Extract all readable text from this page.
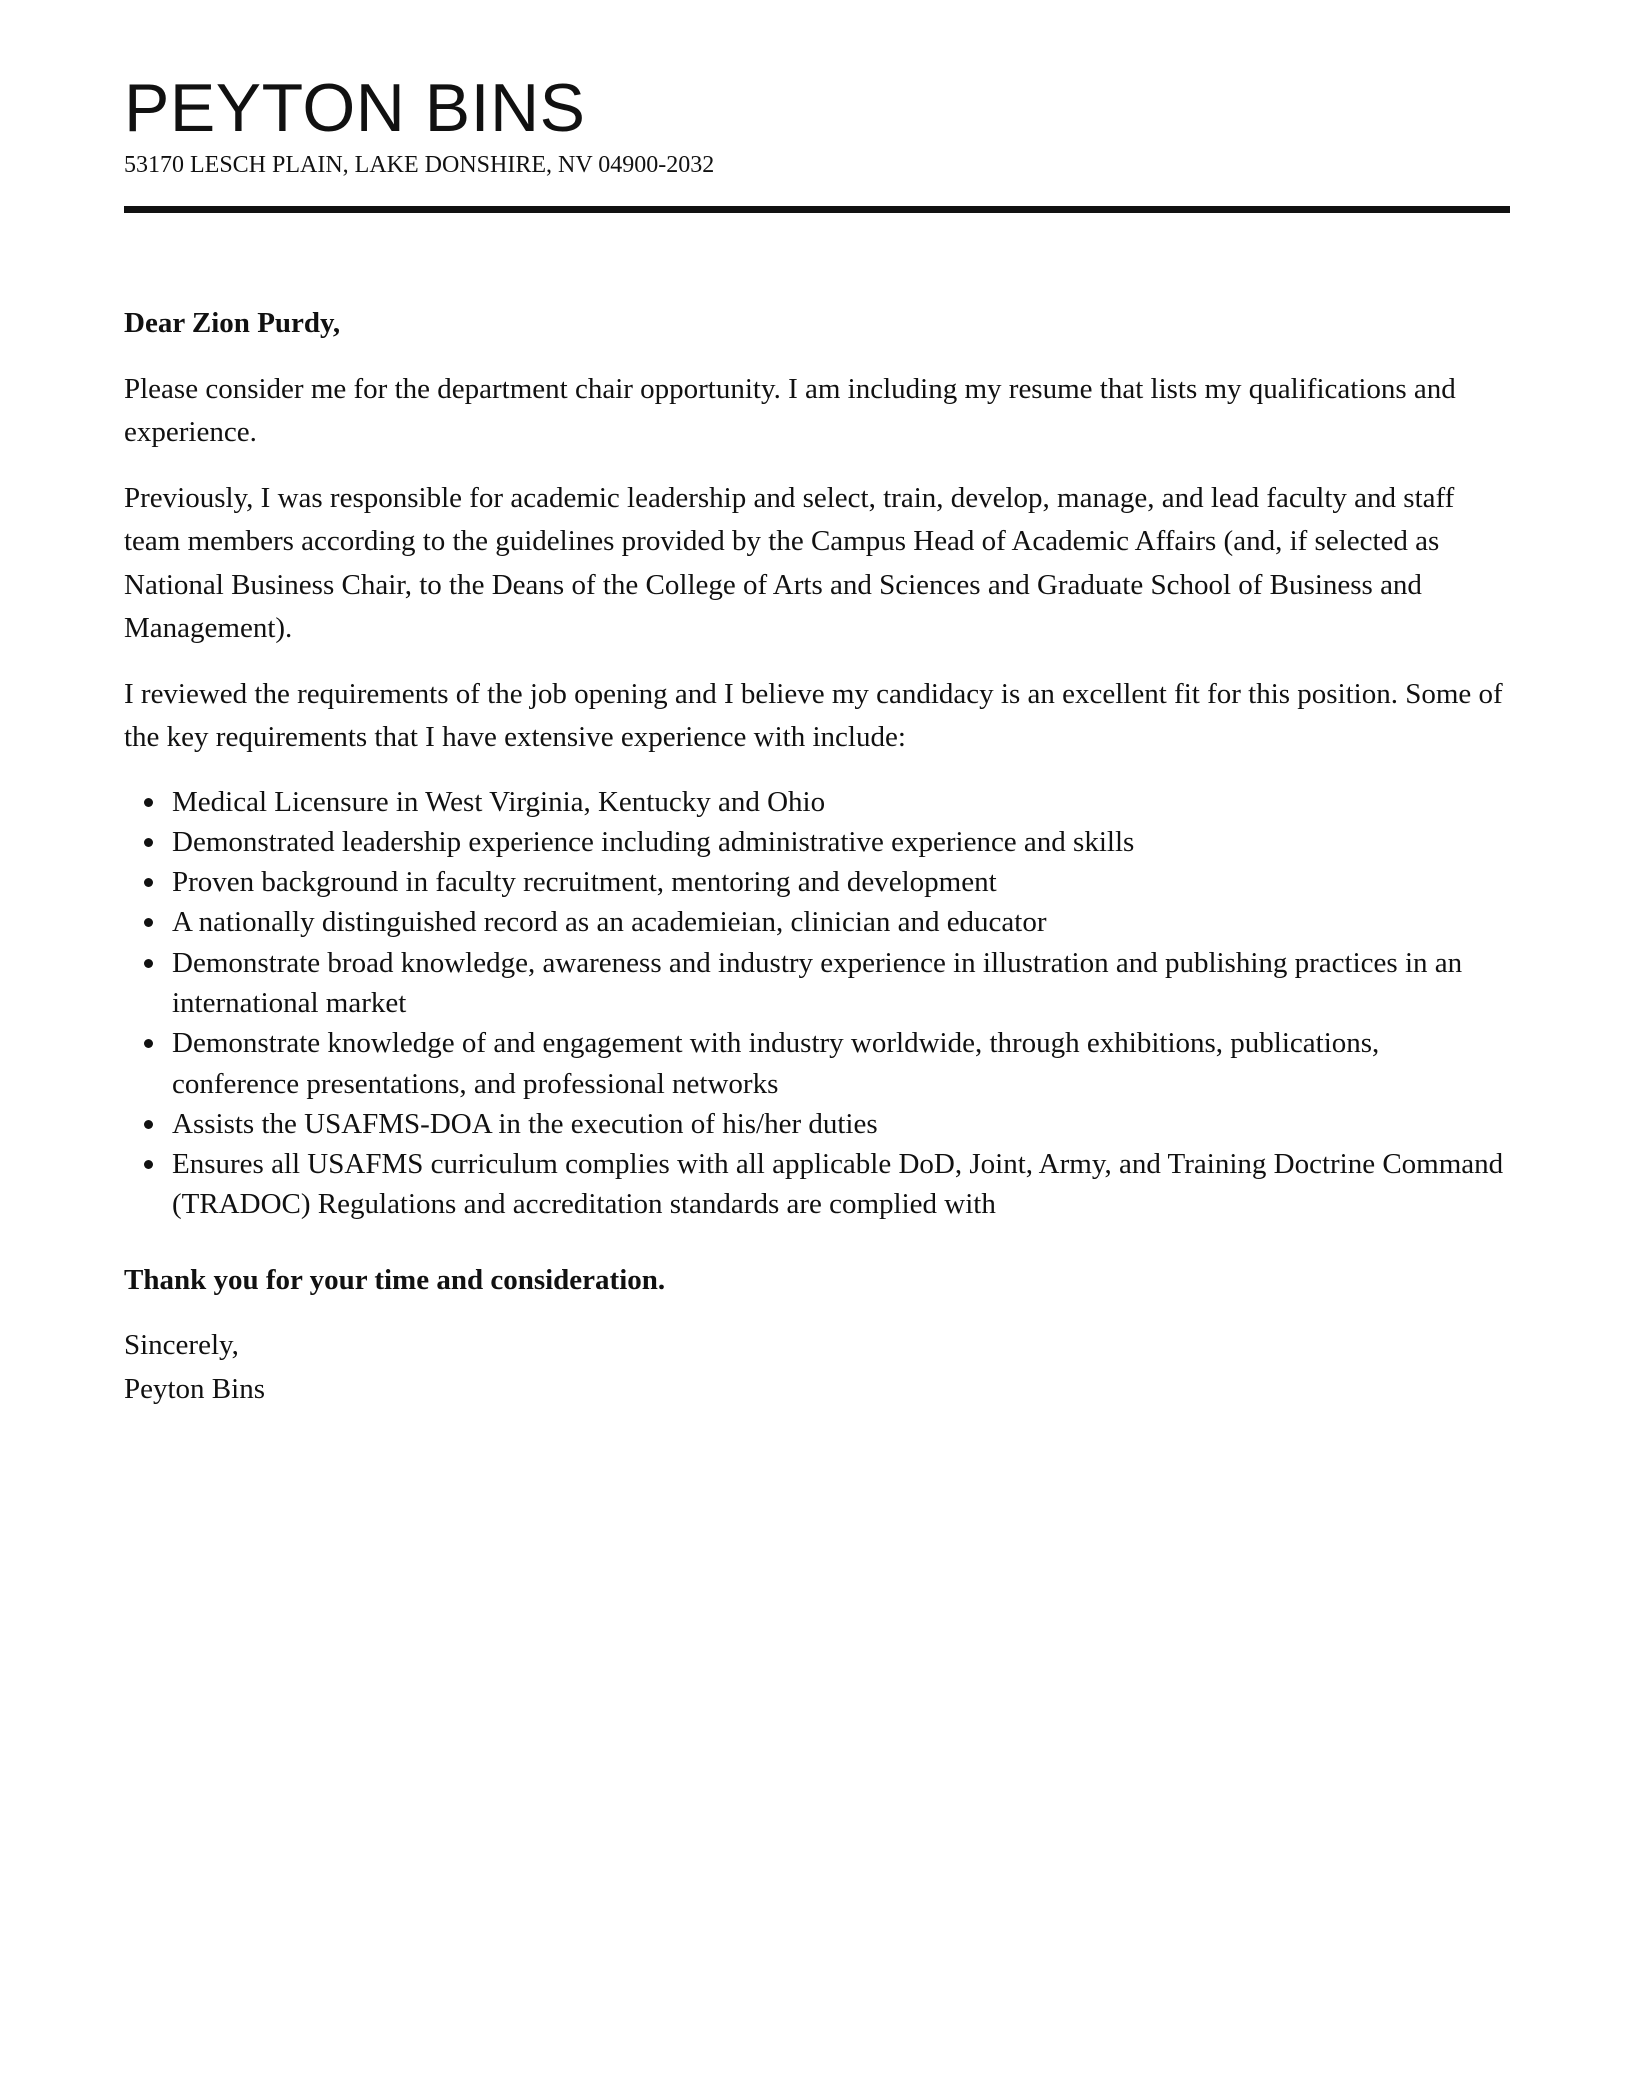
PEYTON BINS
53170 LESCH PLAIN, LAKE DONSHIRE, NV 04900-2032

Dear Zion Purdy,

Please consider me for the department chair opportunity. I am including my resume that lists my qualifications and experience.

Previously, I was responsible for academic leadership and select, train, develop, manage, and lead faculty and staff team members according to the guidelines provided by the Campus Head of Academic Affairs (and, if selected as National Business Chair, to the Deans of the College of Arts and Sciences and Graduate School of Business and Management).

I reviewed the requirements of the job opening and I believe my candidacy is an excellent fit for this position. Some of the key requirements that I have extensive experience with include:

Medical Licensure in West Virginia, Kentucky and Ohio
Demonstrated leadership experience including administrative experience and skills
Proven background in faculty recruitment, mentoring and development
A nationally distinguished record as an academieian, clinician and educator
Demonstrate broad knowledge, awareness and industry experience in illustration and publishing practices in an international market
Demonstrate knowledge of and engagement with industry worldwide, through exhibitions, publications, conference presentations, and professional networks
Assists the USAFMS-DOA in the execution of his/her duties
Ensures all USAFMS curriculum complies with all applicable DoD, Joint, Army, and Training Doctrine Command (TRADOC) Regulations and accreditation standards are complied with

Thank you for your time and consideration.

Sincerely,

Peyton Bins
